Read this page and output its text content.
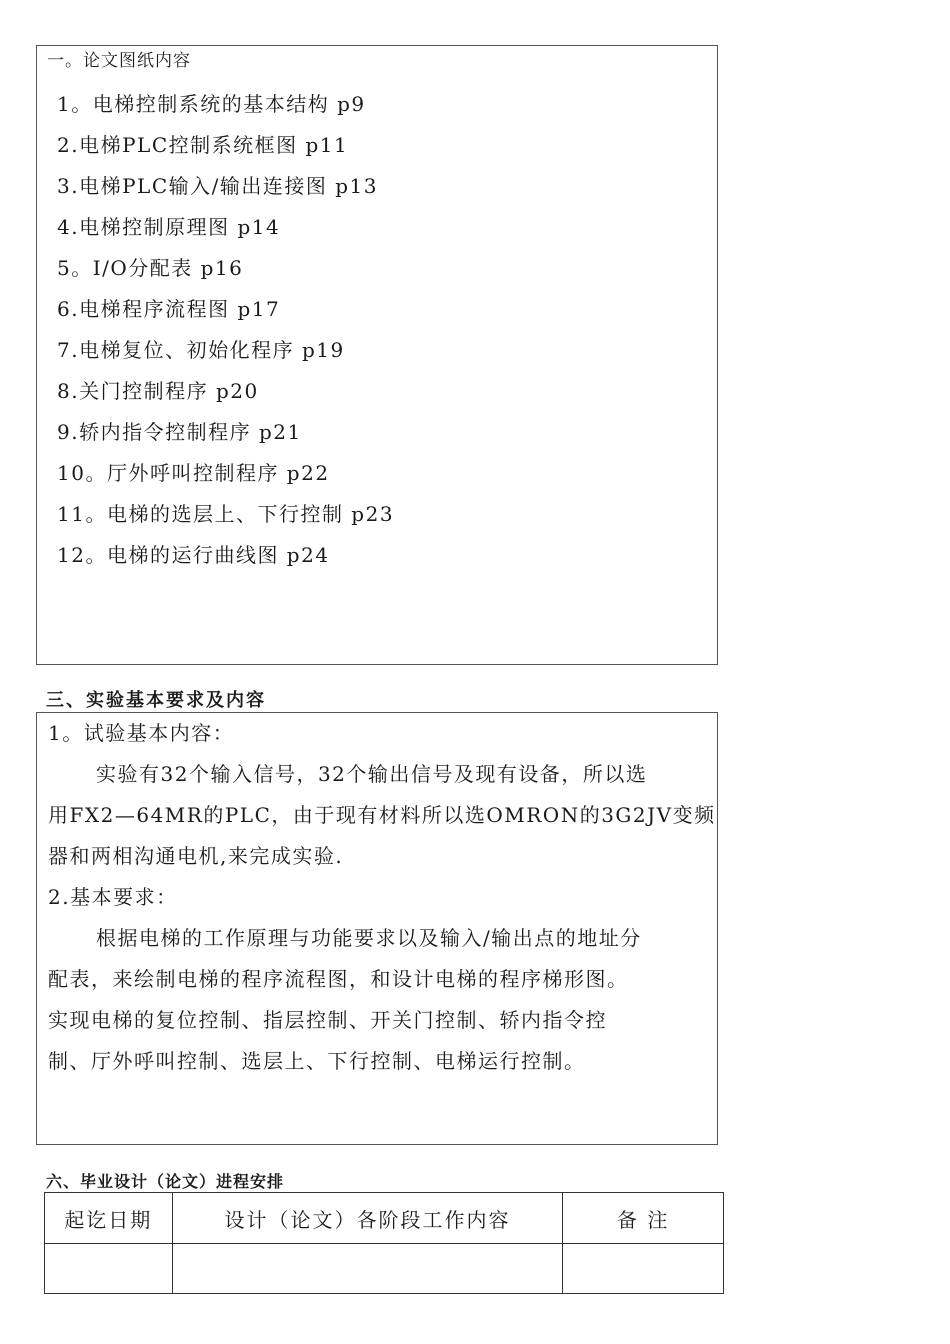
一。论文图纸内容
1。电梯控制系统的基本结构 p9
2.电梯PLC控制系统框图 p11
3.电梯PLC输入/输出连接图 p13
4.电梯控制原理图 p14
5。I/O分配表 p16
6.电梯程序流程图 p17
7.电梯复位、初始化程序 p19
8.关门控制程序 p20
9.轿内指令控制程序 p21
10。厅外呼叫控制程序 p22
11。电梯的选层上、下行控制 p23
12。电梯的运行曲线图 p24
三、实验基本要求及内容
1。试验基本内容：
实验有32个输入信号，32个输出信号及现有设备，所以选
用FX2—64MR的PLC，由于现有材料所以选OMRON的3G2JV变频
器和两相沟通电机,来完成实验.
2.基本要求：
根据电梯的工作原理与功能要求以及输入/输出点的地址分
配表，来绘制电梯的程序流程图，和设计电梯的程序梯形图。
实现电梯的复位控制、指层控制、开关门控制、轿内指令控
制、厅外呼叫控制、选层上、下行控制、电梯运行控制。
六、毕业设计（论文）进程安排
起讫日期	设计（论文）各阶段工作内容	备 注
